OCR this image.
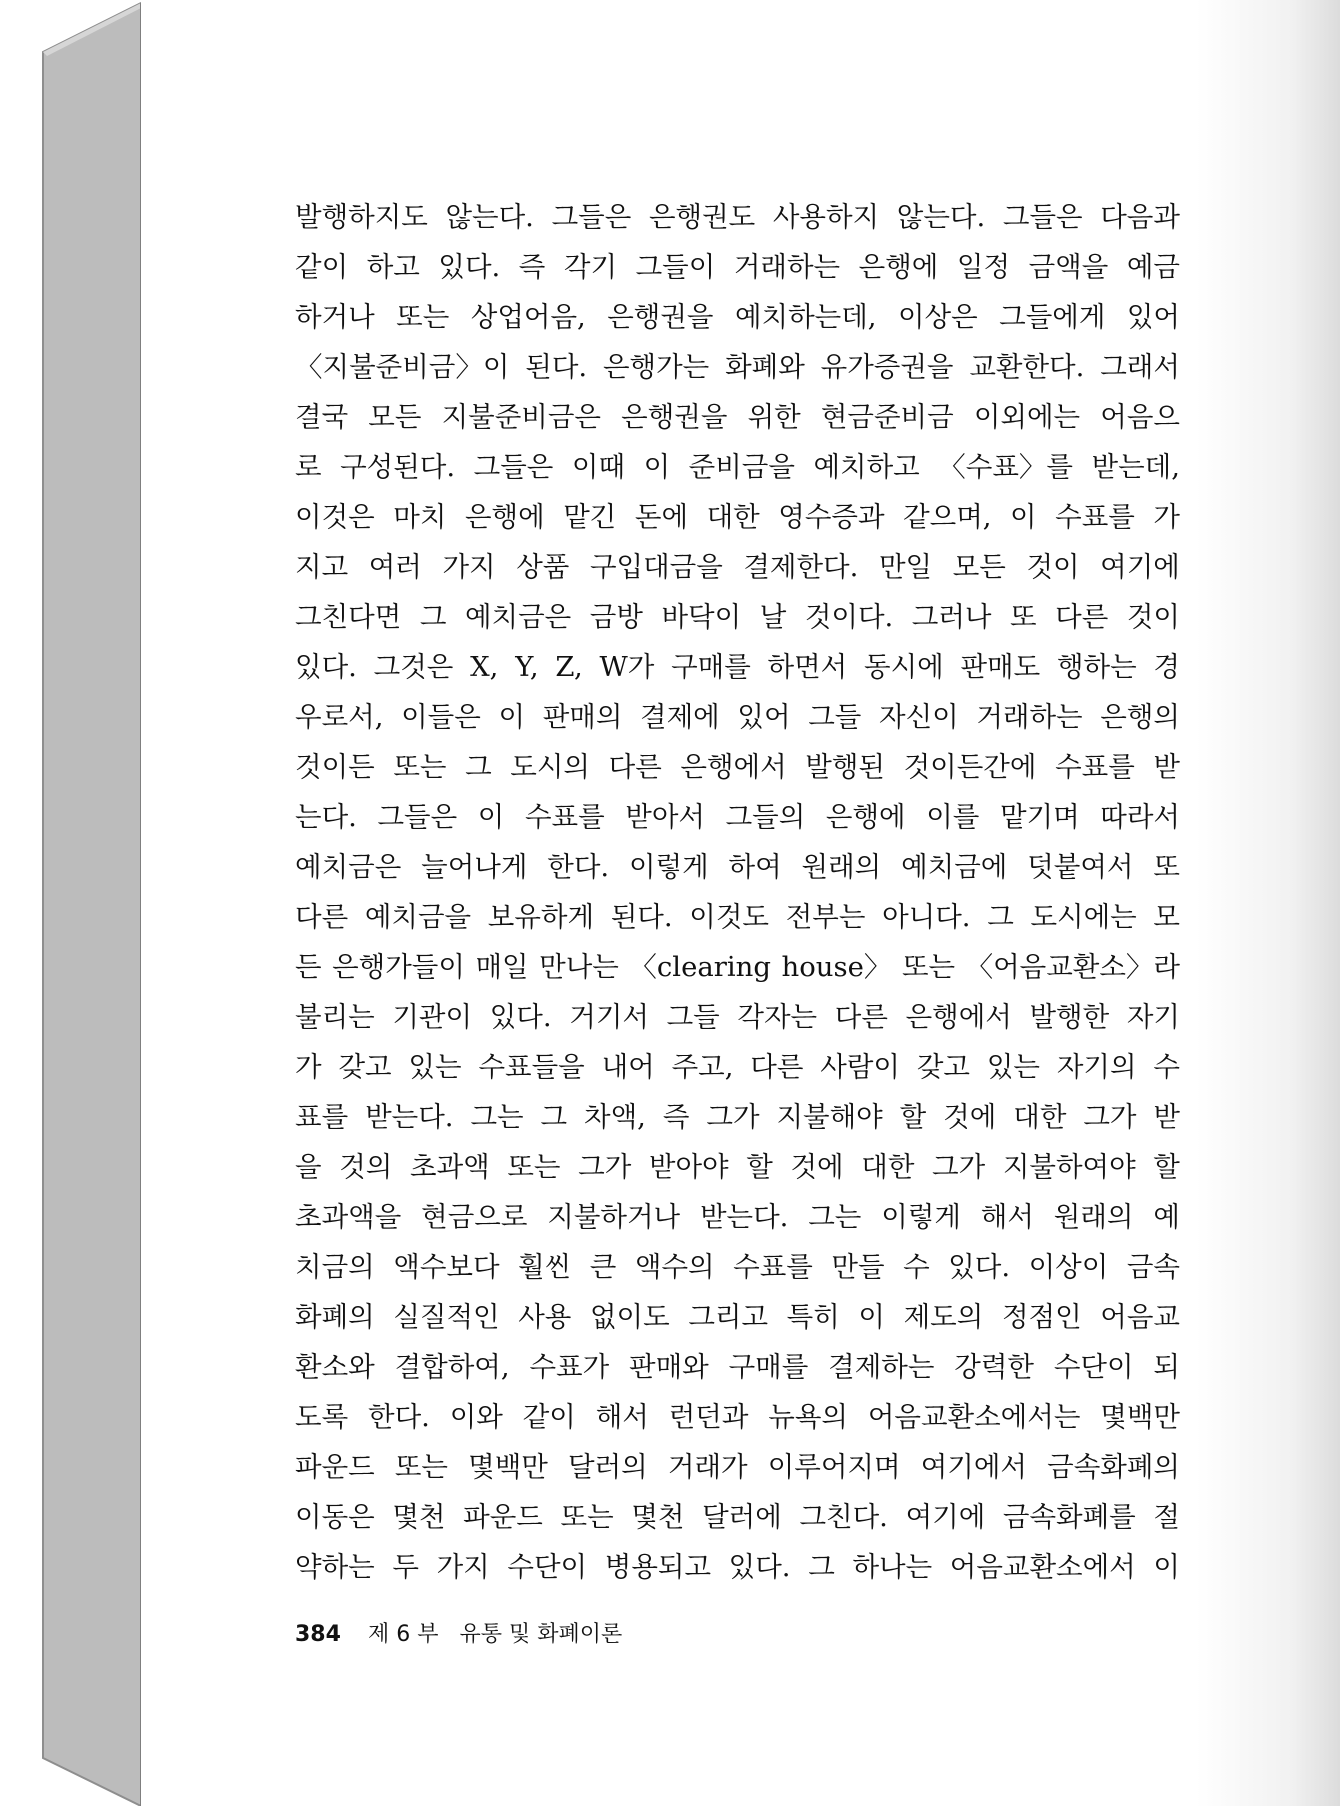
발행하지도 않는다. 그들은 은행권도 사용하지 않는다. 그들은 다음과
같이 하고 있다. 즉 각기 그들이 거래하는 은행에 일정 금액을 예금
하거나 또는 상업어음, 은행권을 예치하는데, 이상은 그들에게 있어
〈지불준비금〉이 된다. 은행가는 화폐와 유가증권을 교환한다. 그래서
결국 모든 지불준비금은 은행권을 위한 현금준비금 이외에는 어음으
로 구성된다. 그들은 이때 이 준비금을 예치하고 〈수표〉를 받는데,
이것은 마치 은행에 맡긴 돈에 대한 영수증과 같으며, 이 수표를 가
지고 여러 가지 상품 구입대금을 결제한다. 만일 모든 것이 여기에
그친다면 그 예치금은 금방 바닥이 날 것이다. 그러나 또 다른 것이
있다. 그것은 X, Y, Z, W가 구매를 하면서 동시에 판매도 행하는 경
우로서, 이들은 이 판매의 결제에 있어 그들 자신이 거래하는 은행의
것이든 또는 그 도시의 다른 은행에서 발행된 것이든간에 수표를 받
는다. 그들은 이 수표를 받아서 그들의 은행에 이를 맡기며 따라서
예치금은 늘어나게 한다. 이렇게 하여 원래의 예치금에 덧붙여서 또
다른 예치금을 보유하게 된다. 이것도 전부는 아니다. 그 도시에는 모
든 은행가들이 매일 만나는 〈clearing house〉 또는 〈어음교환소〉라
불리는 기관이 있다. 거기서 그들 각자는 다른 은행에서 발행한 자기
가 갖고 있는 수표들을 내어 주고, 다른 사람이 갖고 있는 자기의 수
표를 받는다. 그는 그 차액, 즉 그가 지불해야 할 것에 대한 그가 받
을 것의 초과액 또는 그가 받아야 할 것에 대한 그가 지불하여야 할
초과액을 현금으로 지불하거나 받는다. 그는 이렇게 해서 원래의 예
치금의 액수보다 훨씬 큰 액수의 수표를 만들 수 있다. 이상이 금속
화폐의 실질적인 사용 없이도 그리고 특히 이 제도의 정점인 어음교
환소와 결합하여, 수표가 판매와 구매를 결제하는 강력한 수단이 되
도록 한다. 이와 같이 해서 런던과 뉴욕의 어음교환소에서는 몇백만
파운드 또는 몇백만 달러의 거래가 이루어지며 여기에서 금속화폐의
이동은 몇천 파운드 또는 몇천 달러에 그친다. 여기에 금속화폐를 절
약하는 두 가지 수단이 병용되고 있다. 그 하나는 어음교환소에서 이
384 제 6 부   유통 및 화폐이론
